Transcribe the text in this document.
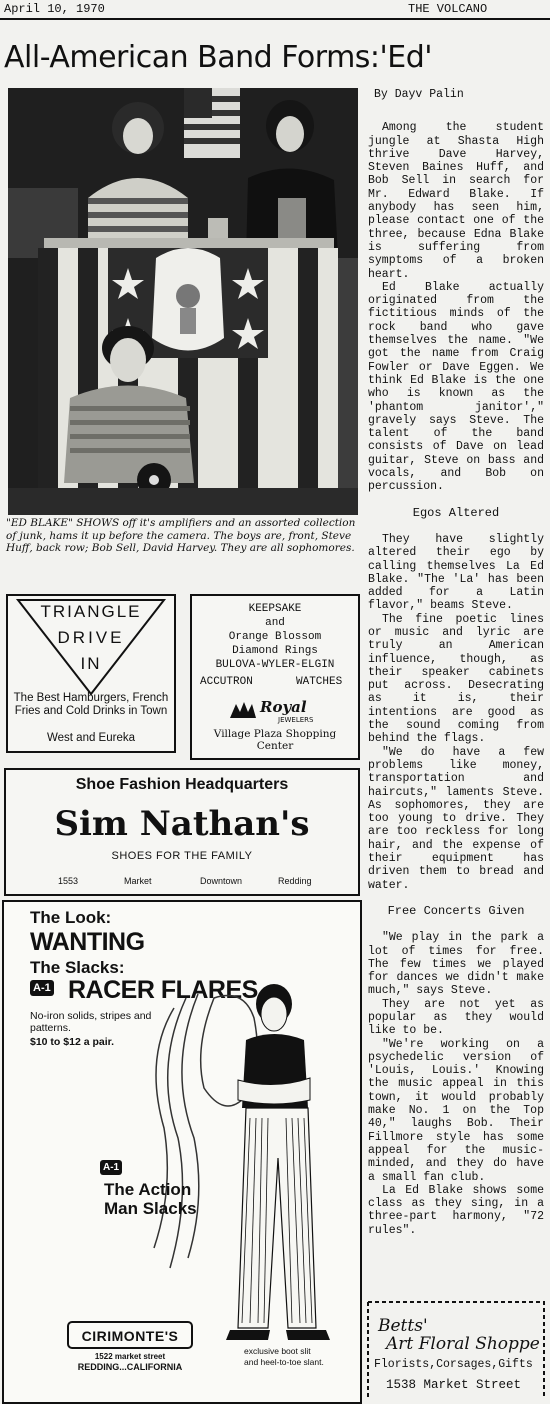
April 10, 1970	THE VOLCANO
All-American Band Forms:'Ed'
"ED BLAKE" SHOWS off it's amplifiers and an assorted collection of junk, hams it up before the camera. The boys are, front, Steve Huff, back row; Bob Sell, David Harvey. They are all sophomores.

By Dayv Palin

Among the student jungle at Shasta High thrive Dave Harvey, Steven Baines Huff, and Bob Sell in search for Mr. Edward Blake. If anybody has seen him, please contact one of the three, because Edna Blake is suffering from symptoms of a broken heart.

Ed Blake actually originated from the fictitious minds of the rock band who gave themselves the name. "We got the name from Craig Fowler or Dave Eggen. We think Ed Blake is the one who is known as the 'phantom janitor'," gravely says Steve. The talent of the band consists of Dave on lead guitar, Steve on bass and vocals, and Bob on percussion.

Egos Altered

They have slightly altered their ego by calling themselves La Ed Blake. "The 'La' has been added for a Latin flavor," beams Steve.

The fine poetic lines or music and lyric are truly an American influence, though, as their speaker cabinets put across. Desecrating as it is, their intentions are good as the sound coming from behind the flags.

"We do have a few problems like money, transportation and haircuts," laments Steve. As sophomores, they are too young to drive. They are too reckless for long hair, and the expense of their equipment has driven them to bread and water.

Free Concerts Given

"We play in the park a lot of times for free. The few times we played for dances we didn't make much," says Steve.

They are not yet as popular as they would like to be.

"We're working on a psychedelic version of 'Louis, Louis.' Knowing the music appeal in this town, it would probably make No. 1 on the Top 40," laughs Bob. Their Fillmore style has some appeal for the music-minded, and they do have a small fan club.

La Ed Blake shows some class as they sing, in a three-part harmony, "72 rules".

TRIANGLE
DRIVE
IN
The Best Hamburgers, French Fries and Cold Drinks in Town
West and Eureka
KEEPSAKE
and
Orange Blossom
Diamond Rings
BULOVA-WYLER-ELGIN
ACCUTRON	WATCHES
Royal
JEWELERS
Village Plaza Shopping Center
Shoe Fashion Headquarters
Sim Nathan's
SHOES FOR THE FAMILY
1553	Market	Downtown	Redding
The Look:
WANTING
The Slacks:
A-1 RACER FLARES
No-iron solids, stripes and patterns.
$10 to $12 a pair.
A-1
The Action
Man Slacks
CIRIMONTE'S
1522 market street
REDDING...CALIFORNIA
exclusive boot slit
and heel-to-toe slant.
Betts'
Art Floral Shoppe
Florists,Corsages,Gifts
1538 Market Street
